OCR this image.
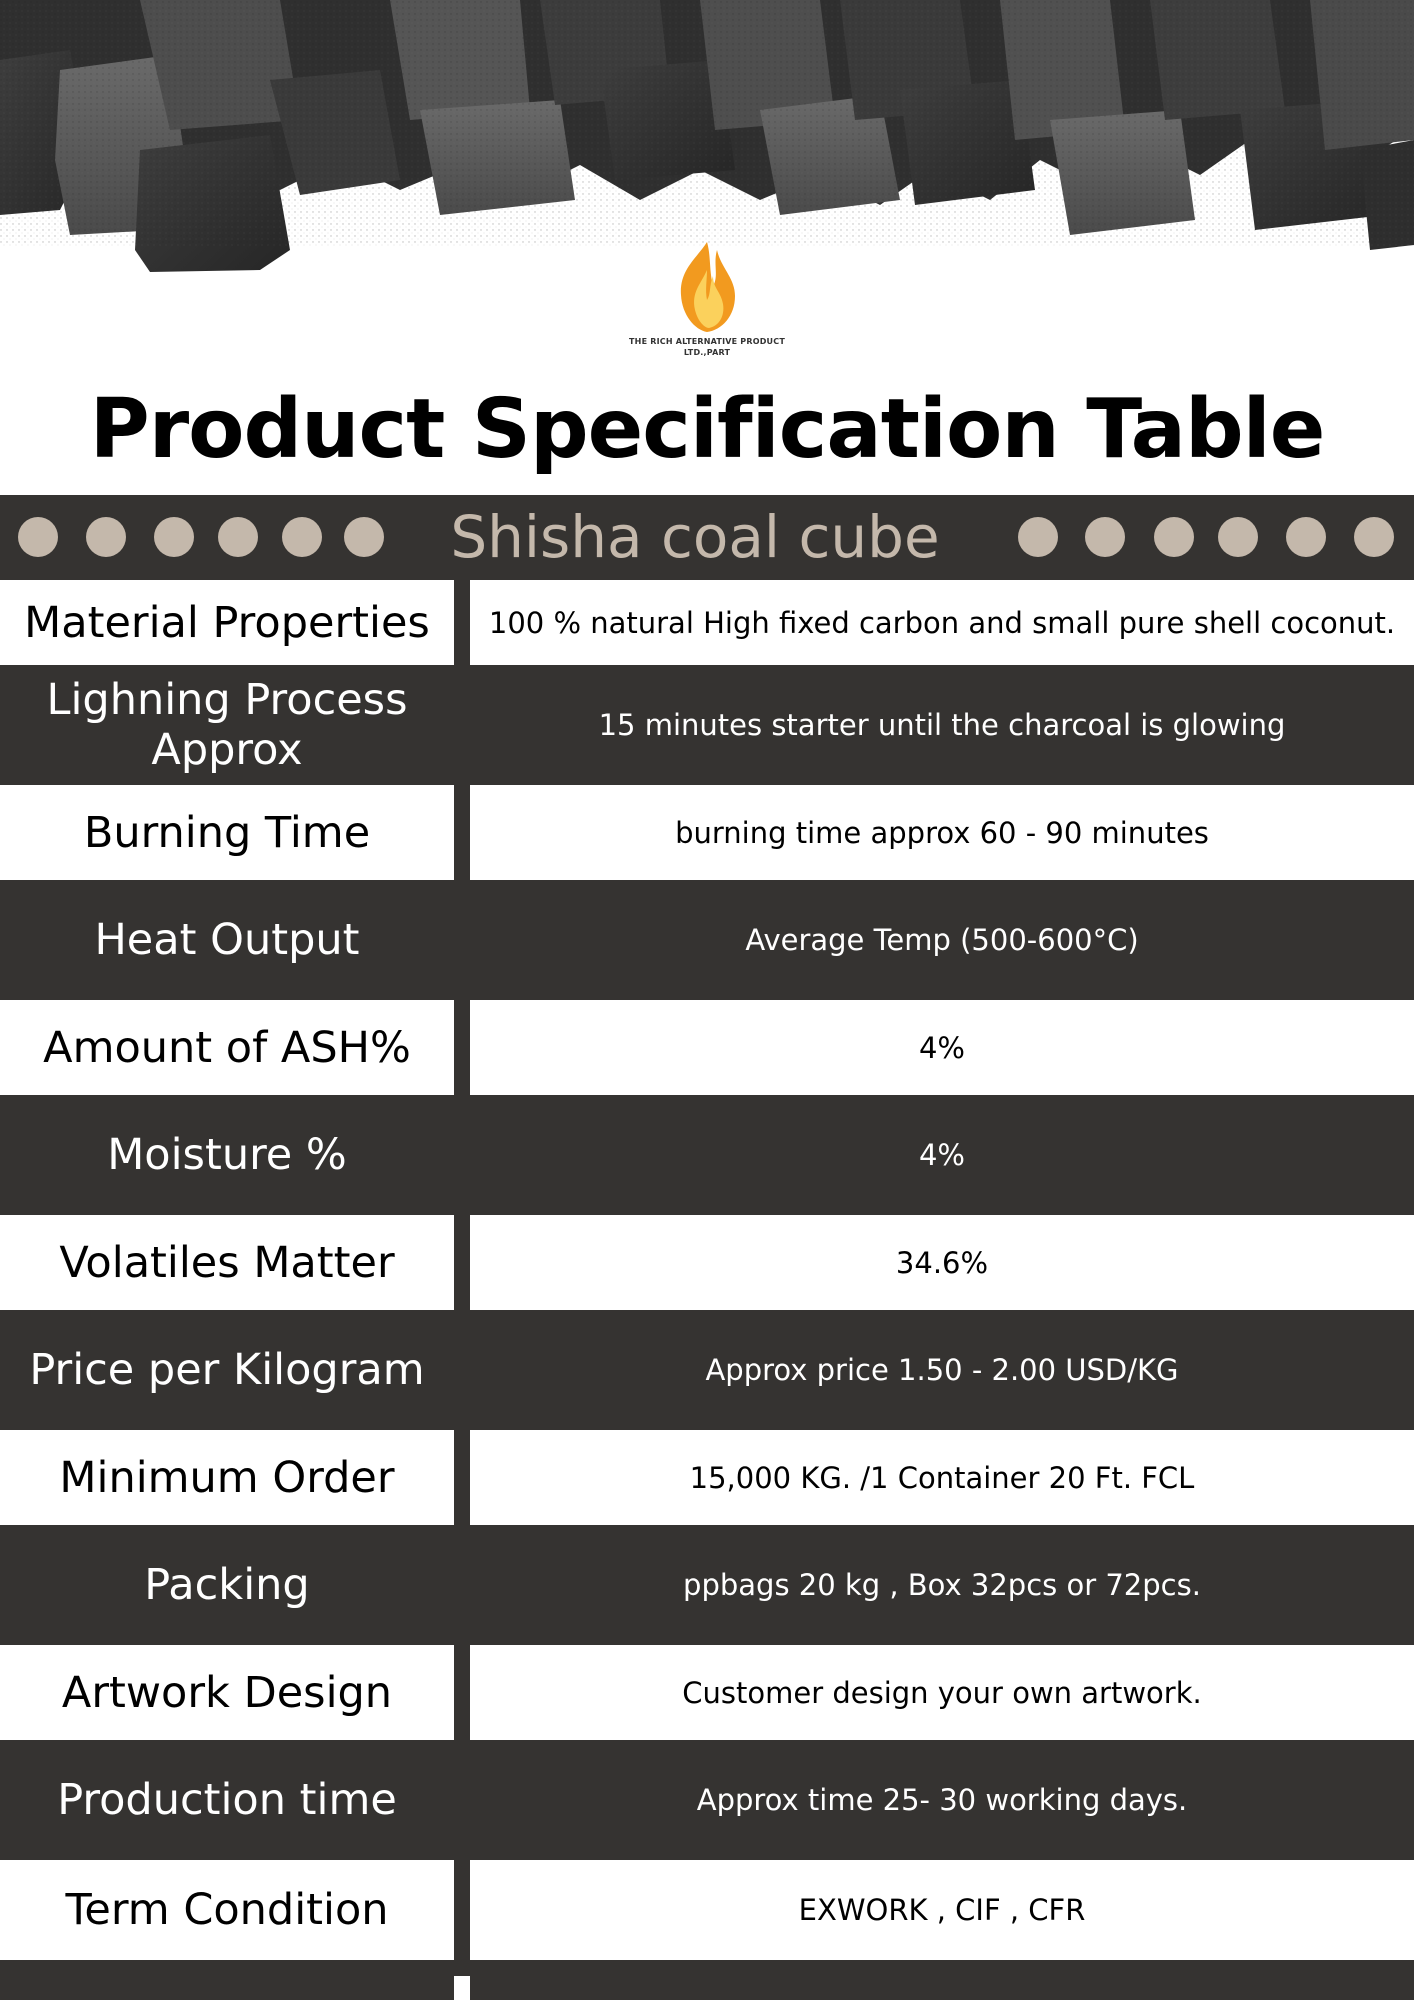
THE RICH ALTERNATIVE PRODUCT
LTD.,PART
Product Specification Table
Shisha coal cube
Material Properties	100 % natural High fixed carbon and small pure shell coconut.
Lighning Process Approx	15 minutes starter until the charcoal is glowing
Burning Time	burning time approx 60 - 90 minutes
Heat Output	Average Temp (500-600°C)
Amount of ASH%	4%
Moisture %	4%
Volatiles Matter	34.6%
Price per Kilogram	Approx price 1.50 - 2.00 USD/KG
Minimum Order	15,000 KG. /1 Container 20 Ft. FCL
Packing	ppbags 20 kg , Box 32pcs or 72pcs.
Artwork Design	Customer design your own artwork.
Production time	Approx time 25- 30 working days.
Term Condition	EXWORK , CIF , CFR
